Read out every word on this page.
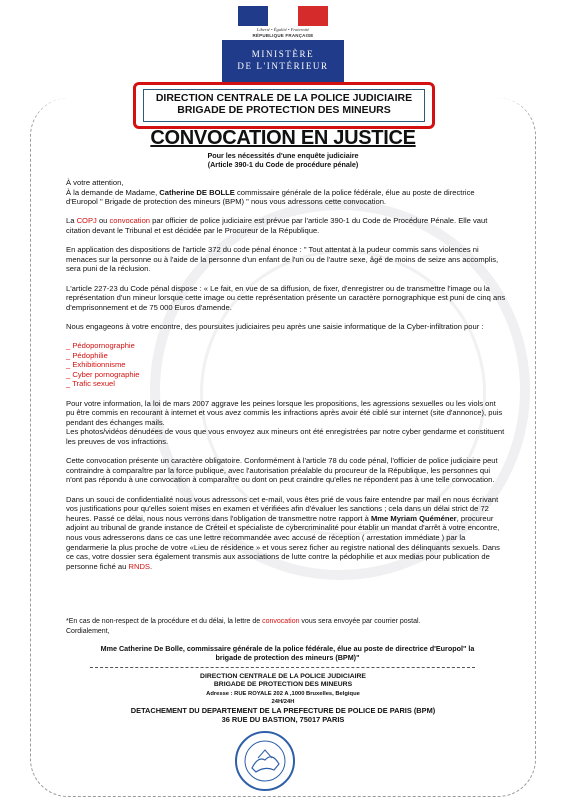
Liberté • Égalité • Fraternité
RÉPUBLIQUE FRANÇAISE
MINISTÈRE
DE L'INTÉRIEUR
DIRECTION CENTRALE DE LA POLICE JUDICIAIRE
BRIGADE DE PROTECTION DES MINEURS
CONVOCATION EN JUSTICE
Pour les nécessités d'une enquête judiciaire
(Article 390-1 du Code de procédure pénale)
À votre attention,

À la demande de Madame, Catherine DE BOLLE commissaire générale de la police fédérale, élue au poste de directrice d'Europol " Brigade de protection des mineurs (BPM) " nous vous adressons cette convocation.

La COPJ ou convocation par officier de police judiciaire est prévue par l'article 390-1 du Code de Procédure Pénale. Elle vaut citation devant le Tribunal et est décidée par le Procureur de la République.

En application des dispositions de l'article 372 du code pénal énonce : " Tout attentat à la pudeur commis sans violences ni menaces sur la personne ou à l'aide de la personne d'un enfant de l'un ou de l'autre sexe, âgé de moins de seize ans accomplis, sera puni de la réclusion.

L'article 227-23 du Code pénal dispose : « Le fait, en vue de sa diffusion, de fixer, d'enregistrer ou de transmettre l'image ou la représentation d'un mineur lorsque cette image ou cette représentation présente un caractère pornographique est puni de cinq ans d'emprisonnement et de 75 000 Euros d'amende.

Nous engageons à votre encontre, des poursuites judiciaires peu après une saisie informatique de la Cyber-infiltration pour :

_ Pédopornographie
_ Pédophilie
_ Exhibitionnisme
_ Cyber pornographie
_ Trafic sexuel

Pour votre information, la loi de mars 2007 aggrave les peines lorsque les propositions, les agressions sexuelles ou les viols ont pu être commis en recourant à internet et vous avez commis les infractions après avoir été ciblé sur internet (site d'annonce), puis pendant des échanges mails.

Les photos/vidéos dénudées de vous que vous envoyez aux mineurs ont été enregistrées par notre cyber gendarme et constituent les preuves de vos infractions.

Cette convocation présente un caractère obligatoire. Conformément à l'article 78 du code pénal, l'officier de police judiciaire peut contraindre à comparaître par la force publique, avec l'autorisation préalable du procureur de la République, les personnes qui n'ont pas répondu à une convocation à comparaître ou dont on peut craindre qu'elles ne répondent pas à une telle convocation.

Dans un souci de confidentialité nous vous adressons cet e-mail, vous êtes prié de vous faire entendre par mail en nous écrivant vos justifications pour qu'elles soient mises en examen et vérifiées afin d'évaluer les sanctions ; cela dans un délai strict de 72 heures. Passé ce délai, nous nous verrons dans l'obligation de transmettre notre rapport à Mme Myriam Quéméner, procureur adjoint au tribunal de grande instance de Créteil et spécialiste de cybercriminalité pour établir un mandat d'arrêt à votre encontre, nous vous adresserons dans ce cas une lettre recommandée avec accusé de réception ( arrestation immédiate ) par la gendarmerie la plus proche de votre «Lieu de résidence » et vous serez ficher au registre national des délinquants sexuels. Dans ce cas, votre dossier sera également transmis aux associations de lutte contre la pédophilie et aux medias pour publication de personne fiché au RNDS.

*En cas de non-respect de la procédure et du délai, la lettre de convocation vous sera envoyée par courrier postal.
Cordialement,
Mme Catherine De Bolle, commissaire générale de la police fédérale, élue au poste de directrice d'Europol" la brigade de protection des mineurs (BPM)"
DIRECTION CENTRALE DE LA POLICE JUDICIAIRE
BRIGADE DE PROTECTION DES MINEURS
Adresse : RUE ROYALE 202 A ,1000 Bruxelles, Belgique
24H/24H
DETACHEMENT DU DEPARTEMENT DE LA PREFECTURE DE POLICE DE PARIS (BPM)
36 RUE DU BASTION, 75017 PARIS
